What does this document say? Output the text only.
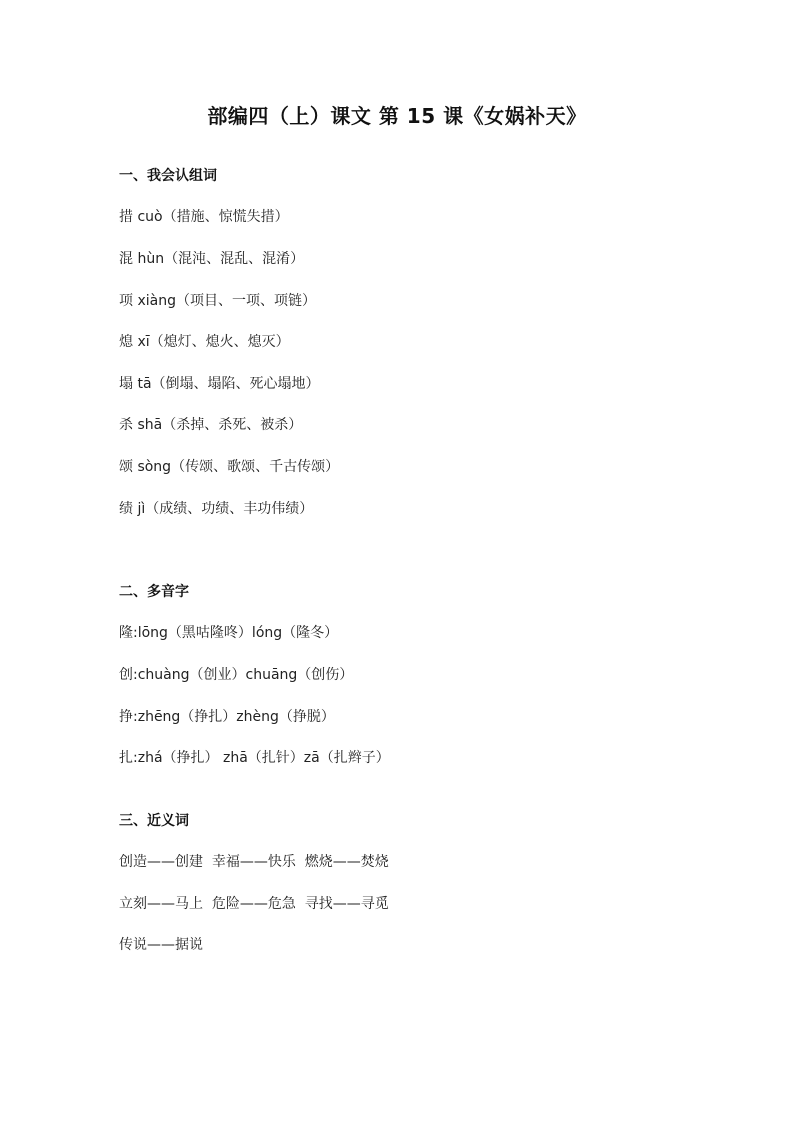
部编四（上）课文 第 15 课《女娲补天》
一、我会认组词
措 cuò（措施、惊慌失措）
混 hùn（混沌、混乱、混淆）
项 xiàng（项目、一项、项链）
熄 xī（熄灯、熄火、熄灭）
塌 tā（倒塌、塌陷、死心塌地）
杀 shā（杀掉、杀死、被杀）
颂 sòng（传颂、歌颂、千古传颂）
绩 jì（成绩、功绩、丰功伟绩）
二、多音字
隆:lōng（黑咕隆咚）lóng（隆冬）
创:chuàng（创业）chuāng（创伤）
挣:zhēng（挣扎）zhèng（挣脱）
扎:zhá（挣扎） zhā（扎针）zā（扎辫子）
三、近义词
创造——创建  幸福——快乐  燃烧——焚烧
立刻——马上  危险——危急  寻找——寻觅
传说——据说
